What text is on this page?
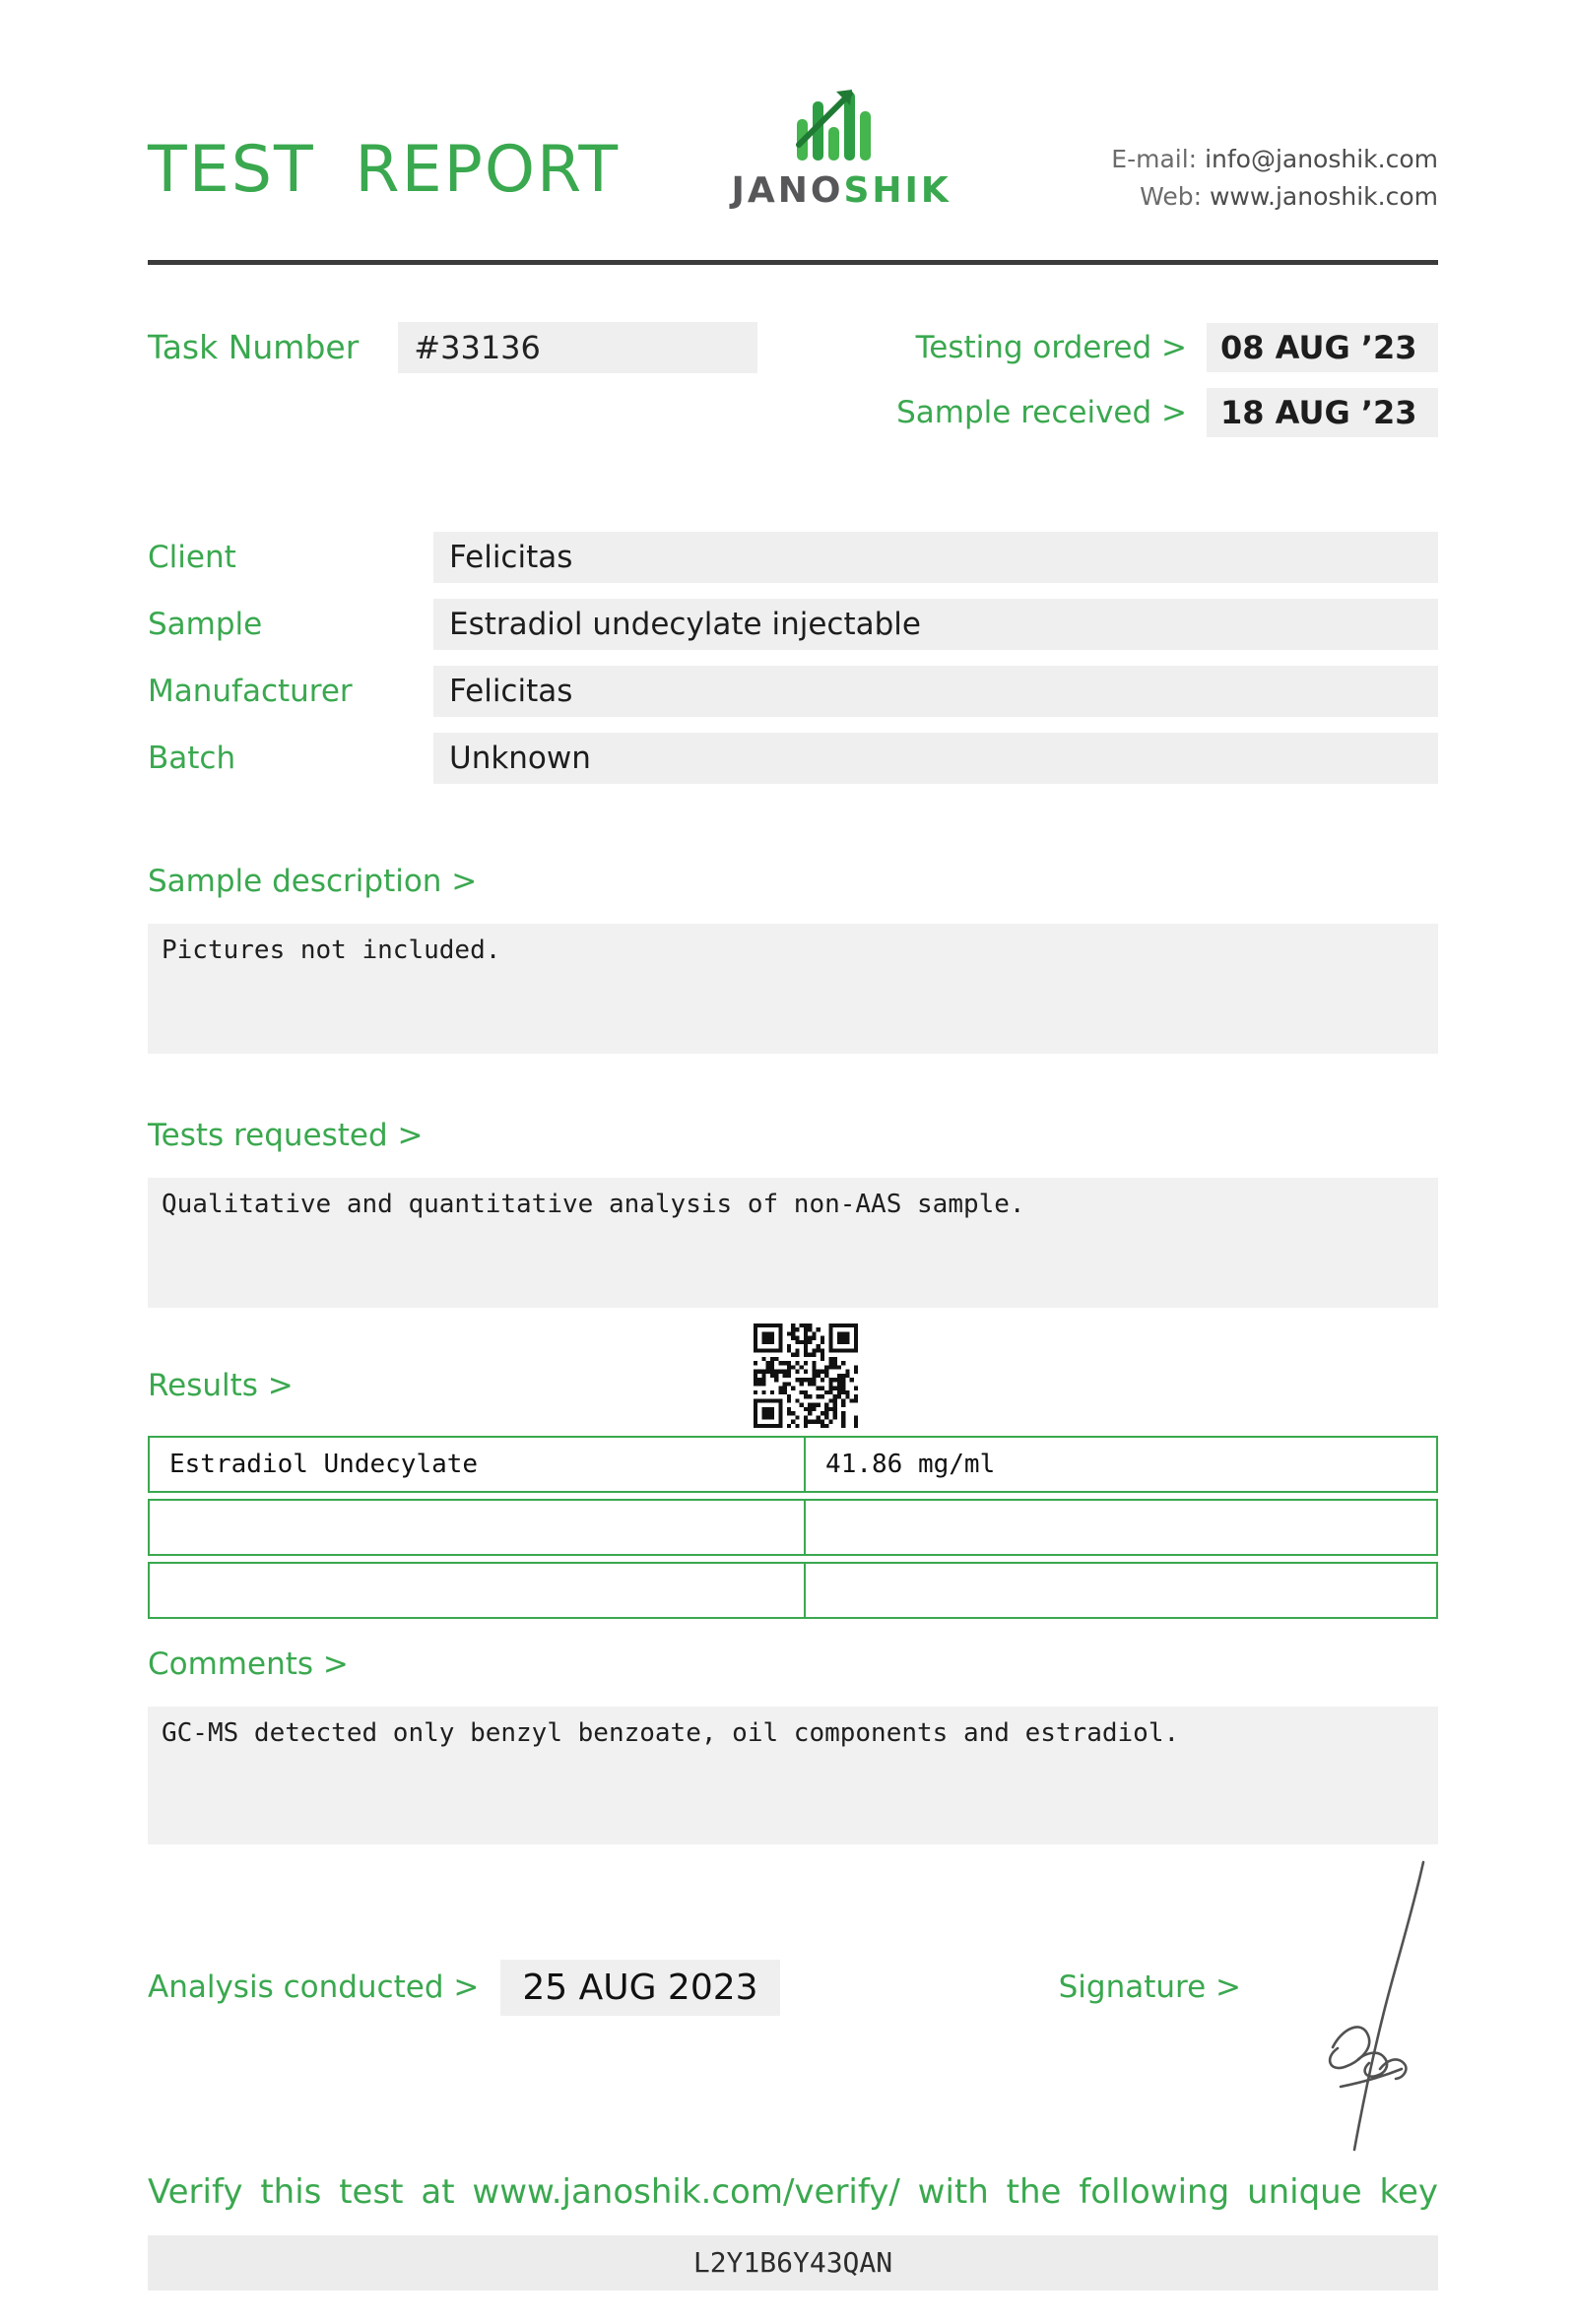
TEST REPORT	JANOSHIK
E-mail: info@janoshik.com
Web: www.janoshik.com
Task Number	#33136	Testing ordered >	08 AUG ’23
Sample received >	18 AUG ’23
Client	Felicitas
Sample	Estradiol undecylate injectable
Manufacturer	Felicitas
Batch	Unknown
Sample description >
Pictures not included.
Tests requested >
Qualitative and quantitative analysis of non-AAS sample.
Results >
Estradiol Undecylate	41.86 mg/ml
Comments >
GC-MS detected only benzyl benzoate, oil components and estradiol.
Analysis conducted >	25 AUG 2023	Signature >
Verify this test at www.janoshik.com/verify/ with the following unique key
L2Y1B6Y43QAN
